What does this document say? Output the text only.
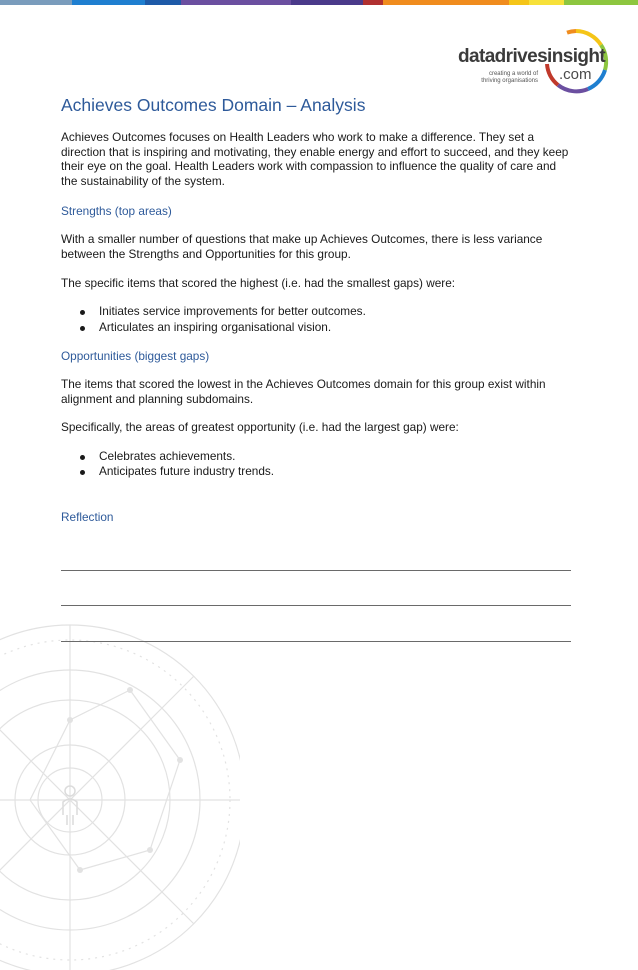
datadrivesinsight
creating a world of thriving organisations .com
Achieves Outcomes Domain – Analysis

Achieves Outcomes focuses on Health Leaders who work to make a difference. They set a direction that is inspiring and motivating, they enable energy and effort to succeed, and they keep their eye on the goal. Health Leaders work with compassion to influence the quality of care and the sustainability of the system.

Strengths (top areas)

With a smaller number of questions that make up Achieves Outcomes, there is less variance between the Strengths and Opportunities for this group.

The specific items that scored the highest (i.e. had the smallest gaps) were:

Initiates service improvements for better outcomes.
Articulates an inspiring organisational vision.
Opportunities (biggest gaps)

The items that scored the lowest in the Achieves Outcomes domain for this group exist within alignment and planning subdomains.

Specifically, the areas of greatest opportunity (i.e. had the largest gap) were:

Celebrates achievements.
Anticipates future industry trends.
Reflection
